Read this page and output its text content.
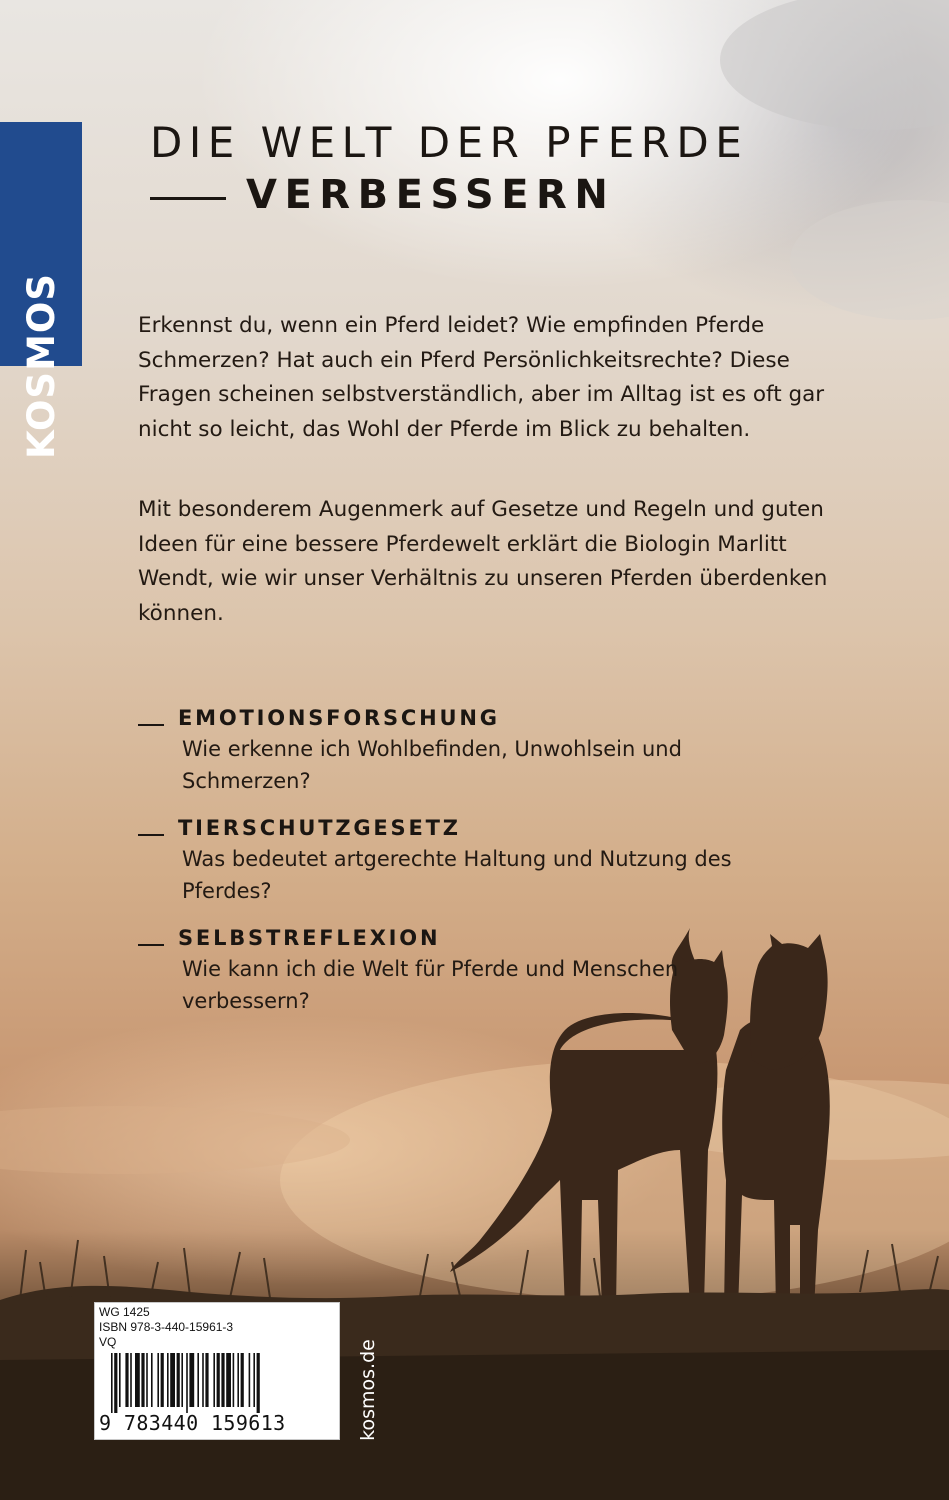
KOSMOS
DIE WELT DER PFERDE
VERBESSERN

Erkennst du, wenn ein Pferd leidet? Wie empfinden Pferde Schmerzen? Hat auch ein Pferd Persönlichkeitsrechte? Diese Fragen scheinen selbstverständlich, aber im Alltag ist es oft gar nicht so leicht, das Wohl der Pferde im Blick zu behalten.

Mit besonderem Augenmerk auf Gesetze und Regeln und guten Ideen für eine bessere Pferdewelt erklärt die Biologin Marlitt Wendt, wie wir unser Verhältnis zu unseren Pferden überdenken können.

EMOTIONSFORSCHUNG

Wie erkenne ich Wohlbefinden, Unwohlsein und Schmerzen?

TIERSCHUTZGESETZ

Was bedeutet artgerechte Haltung und Nutzung des Pferdes?

SELBSTREFLEXION

Wie kann ich die Welt für Pferde und Menschen verbessern?

WG 1425

ISBN 978-3-440-15961-3

VQ

9 783440 159613	kosmos.de
